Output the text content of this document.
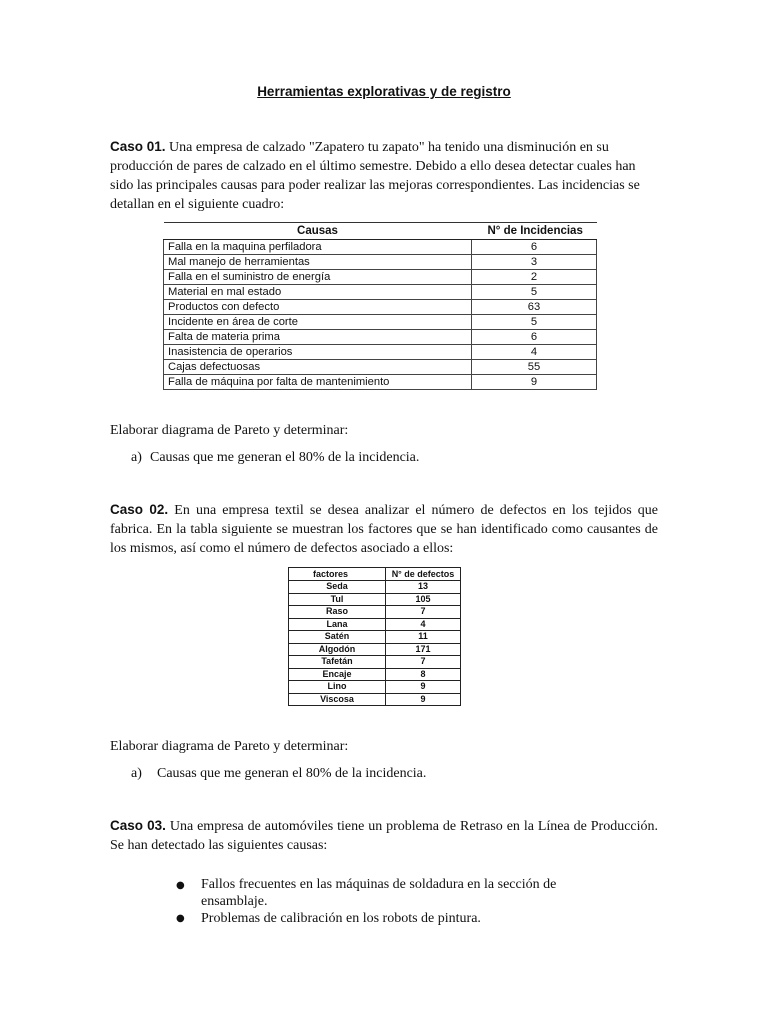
Herramientas explorativas y de registro
Caso 01. Una empresa de calzado "Zapatero tu zapato" ha tenido una disminución en su producción de pares de calzado en el último semestre. Debido a ello desea detectar cuales han sido las principales causas para poder realizar las mejoras correspondientes. Las incidencias se detallan en el siguiente cuadro:
Causas	N° de Incidencias
Falla en la maquina perfiladora	6
Mal manejo de herramientas	3
Falla en el suministro de energía	2
Material en mal estado	5
Productos con defecto	63
Incidente en área de corte	5
Falta de materia prima	6
Inasistencia de operarios	4
Cajas defectuosas	55
Falla de máquina por falta de mantenimiento	9
Elaborar diagrama de Pareto y determinar:
a) Causas que me generan el 80% de la incidencia.
Caso 02. En una empresa textil se desea analizar el número de defectos en los tejidos que fabrica. En la tabla siguiente se muestran los factores que se han identificado como causantes de los mismos, así como el número de defectos asociado a ellos:
factores	N° de defectos
Seda	13
Tul	105
Raso	7
Lana	4
Satén	11
Algodón	171
Tafetán	7
Encaje	8
Lino	9
Viscosa	9
Elaborar diagrama de Pareto y determinar:
a) Causas que me generan el 80% de la incidencia.
Caso 03. Una empresa de automóviles tiene un problema de Retraso en la Línea de Producción. Se han detectado las siguientes causas:
● Fallos frecuentes en las máquinas de soldadura en la sección de ensamblaje.
● Problemas de calibración en los robots de pintura.
